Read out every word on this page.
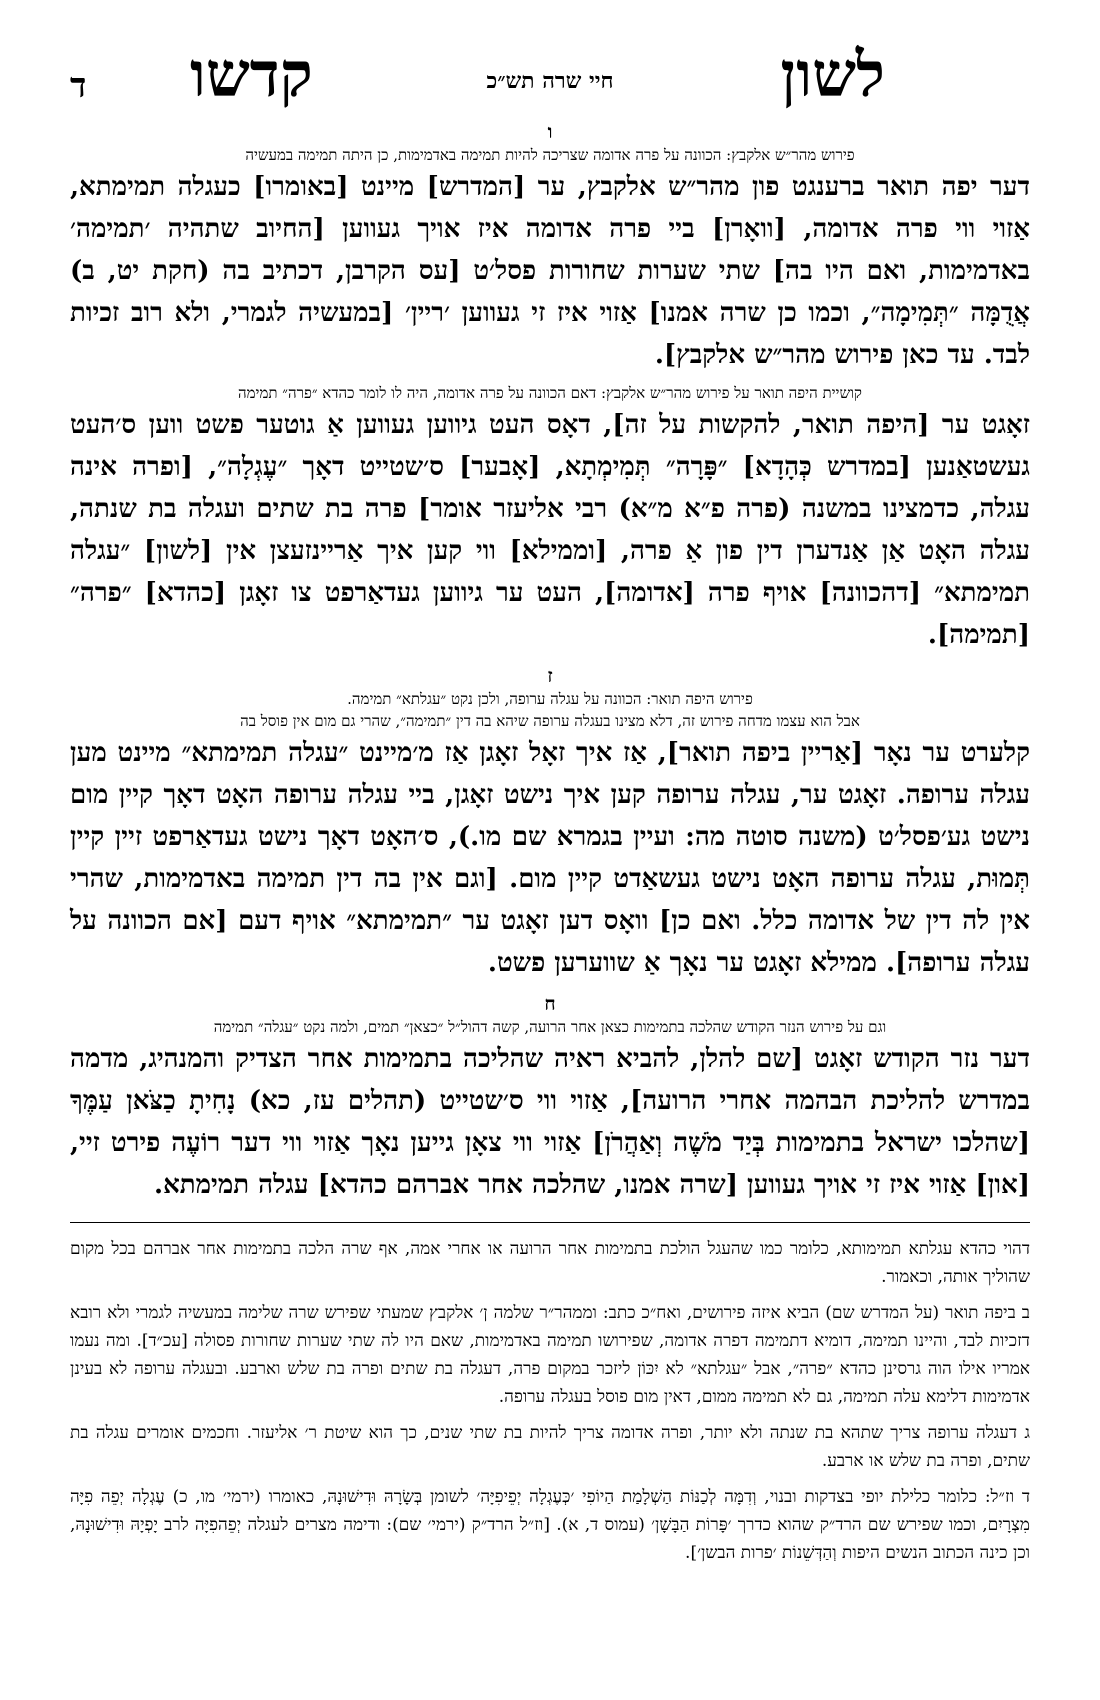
ד	לשון
חיי שרה תש״כ
קדשו
ו
פירוש מהר״ש אלקבץ: הכוונה על פרה אדומה שצריכה להיות תמימה באדמימות, כן היתה תמימה במעשיה

דער יפה תואר ברענגט פון מהר״ש אלקבץ, ער [המדרש] מיינט [באומרו] כעגלה תמימתא, אַזוי ווי פרה אדומה, [וואָרן] ביי פרה אדומה איז אויך געווען [החיוב שתהיה ׳תמימה׳ באדמימות, ואם היו בה] שתי שערות שחורות פסל׳ט [עס הקרבן, דכתיב בה (חקת יט, ב) אֲדֻמָּה ״תְּמִימָה״, וכמו כן שרה אמנו] אַזוי איז זי געווען ׳ריין׳ [במעשיה לגמרי, ולא רוב זכיות לבד. עד כאן פירוש מהר״ש אלקבץ].

קושיית היפה תואר על פירוש מהר״ש אלקבץ: דאם הכוונה על פרה אדומה, היה לו לומר כהדא ״פרה״ תמימה

זאָגט ער [היפה תואר, להקשות על זה], דאָס העט גיווען געווען אַ גוטער פשט ווען ס׳העט געשטאַנען [במדרש כְּהָדָא] ״פָּרָה״ תְּמִימְתָא, [אָבער] ס׳שטייט דאָך ״עֶגְלָה״, [ופרה אינה עגלה, כדמצינו במשנה (פרה פ״א מ״א) רבי אליעזר אומר] פרה בת שתים ועגלה בת שנתה, עגלה האָט אַן אַנדערן דין פון אַ פרה, [וממילא] ווי קען איך אַריינזעצן אין [לשון] ״עגלה תמימתא״ [דהכוונה] אויף פרה [אדומה], העט ער גיווען געדאַרפט צו זאָגן [כהדא] ״פרה״ [תמימה].

ז
פירוש היפה תואר: הכוונה על עגלה ערופה, ולכן נקט ״עגלתא״ תמימה.
אבל הוא עצמו מדחה פירוש זה, דלא מצינו בעגלה ערופה שיהא בה דין ״תמימה״, שהרי גם מום אין פוסל בה

קלערט ער נאָר [אַריין ביפה תואר], אַז איך זאָל זאָגן אַז מ׳מיינט ״עגלה תמימתא״ מיינט מען עגלה ערופה. זאָגט ער, עגלה ערופה קען איך נישט זאָגן, ביי עגלה ערופה האָט דאָך קיין מום נישט גע׳פסל׳ט (משנה סוטה מה: ועיין בגמרא שם מו.), ס׳האָט דאָך נישט געדאַרפט זיין קיין תְּמוּת, עגלה ערופה האָט נישט געשאַדט קיין מום. [וגם אין בה דין תמימה באדמימות, שהרי אין לה דין של אדומה כלל. ואם כן] וואָס דען זאָגט ער ״תמימתא״ אויף דעם [אם הכוונה על עגלה ערופה]. ממילא זאָגט ער נאָך אַ שווערען פשט.

ח
וגם על פירוש הנזר הקודש שהלכה בתמימות כצאן אחר הרועה, קשה דהול״ל ״כצאן״ תמים, ולמה נקט ״עגלה״ תמימה

דער נזר הקודש זאָגט [שם להלן, להביא ראיה שהליכה בתמימות אחר הצדיק והמנהיג, מדמה במדרש להליכת הבהמה אחרי הרועה], אַזוי ווי ס׳שטייט (תהלים עז, כא) נָחִיתָ כַצֹּאן עַמֶּךָ [שהלכו ישראל בתמימות בְּיַד מֹשֶׁה וְאַהֲרֹן] אַזוי ווי צאָן גייען נאָך אַזוי ווי דער רוֹעֶה פירט זיי, [און] אַזוי איז זי אויך געווען [שרה אמנו, שהלכה אחר אברהם כהדא] עגלה תמימתא.

דהוי כהדא עגלתא תמימותא, כלומר כמו שהעגל הולכת בתמימות אחר הרועה או אחרי אמה, אף שרה הלכה בתמימות אחר אברהם בכל מקום שהוליך אותה, וכאמור.

ב ביפה תואר (על המדרש שם) הביא איזה פירושים, ואח״כ כתב: וממהר״ר שלמה ן׳ אלקבץ שמעתי שפירש שרה שלימה במעשיה לגמרי ולא רובא דזכיות לבד, והיינו תמימה, דומיא דתמימה דפרה אדומה, שפירושו תמימה באדמימות, שאם היו לה שתי שערות שחורות פסולה [עכ״ד]. ומה נעמו אמריו אילו הוה גרסינן כהדא ״פרה״, אבל ״עגלתא״ לא יִכּוֹן ליזכר במקום פרה, דעגלה בת שתים ופרה בת שלש וארבע. ובעגלה ערופה לא בעינן אדמימות דלימא עלה תמימה, גם לא תמימה ממום, דאין מום פוסל בעגלה ערופה.

ג דעגלה ערופה צריך שתהא בת שנתה ולא יותר, ופרה אדומה צריך להיות בת שתי שנים, כך הוא שיטת ר׳ אליעזר. וחכמים אומרים עגלה בת שתים, ופרה בת שלש או ארבע.

ד וז״ל: כלומר כלילת יופי בצדקות ובנוי, וְדִמָּה לְכַנּוֹת הַשְׁלָמַת הַיוֹפִי ׳כְּעֶגְלָה יְפֵיפִיָּה׳ לשומן בְּשָׂרָהּ וּדִישׁוּנָהּ, כאומרו (ירמי׳ מו, כ) עֶגְלָה יְפֵה פִיָּה מִצְרָיִם, וכמו שפירש שם הרד״ק שהוא כדרך ׳פָּרוֹת הַבָּשָׁן׳ (עמוס ד, א). [וז״ל הרד״ק (ירמי׳ שם): ודימה מצרים לעגלה יְפֵהפִיָּה לרב יָפְיָהּ וּדִישׁוּנָהּ, וכן כינה הכתוב הנשים היפות וְהַדְּשֵׁנוֹת ׳פרות הבשן׳].
